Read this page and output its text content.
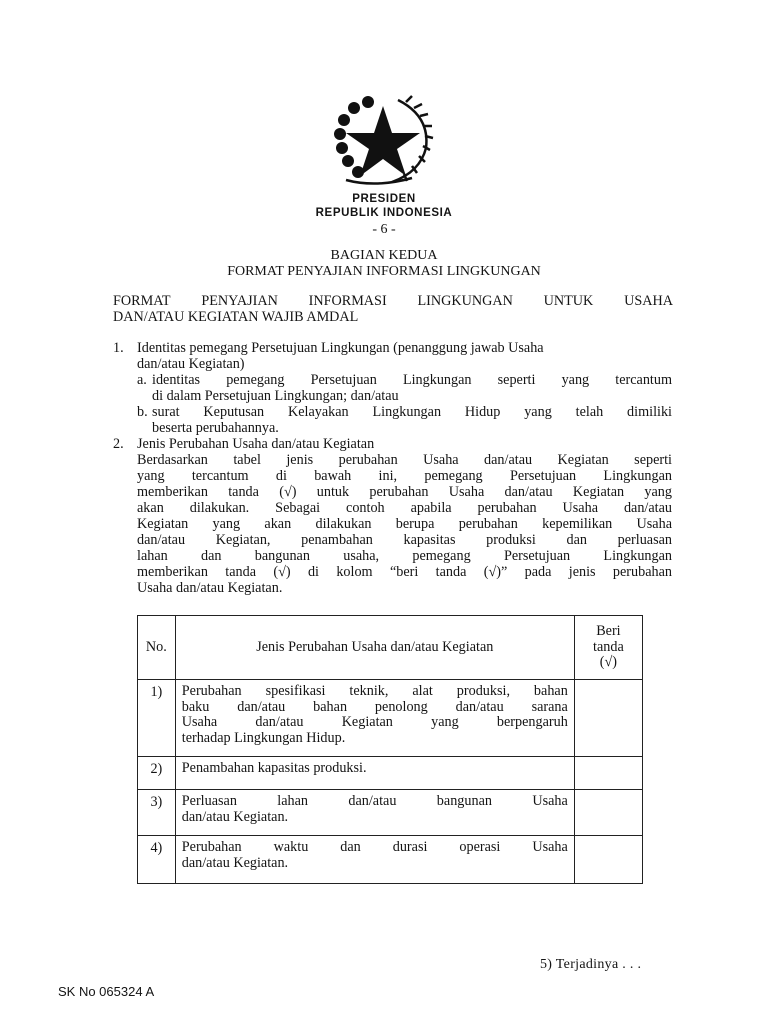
PRESIDEN
REPUBLIK INDONESIA
- 6 -
BAGIAN KEDUA
FORMAT PENYAJIAN INFORMASI LINGKUNGAN
FORMAT PENYAJIAN INFORMASI LINGKUNGAN UNTUK USAHA
DAN/ATAU KEGIATAN WAJIB AMDAL
1. Identitas pemegang Persetujuan Lingkungan (penanggung jawab Usaha
dan/atau Kegiatan)
a. identitas pemegang Persetujuan Lingkungan seperti yang tercantum
di dalam Persetujuan Lingkungan; dan/atau
b. surat Keputusan Kelayakan Lingkungan Hidup yang telah dimiliki
beserta perubahannya.
2. Jenis Perubahan Usaha dan/atau Kegiatan
Berdasarkan tabel jenis perubahan Usaha dan/atau Kegiatan seperti
yang tercantum di bawah ini, pemegang Persetujuan Lingkungan
memberikan tanda (√) untuk perubahan Usaha dan/atau Kegiatan yang
akan dilakukan. Sebagai contoh apabila perubahan Usaha dan/atau
Kegiatan yang akan dilakukan berupa perubahan kepemilikan Usaha
dan/atau Kegiatan, penambahan kapasitas produksi dan perluasan
lahan dan bangunan usaha, pemegang Persetujuan Lingkungan
memberikan tanda (√) di kolom “beri tanda (√)” pada jenis perubahan
Usaha dan/atau Kegiatan.
No.	Jenis Perubahan Usaha dan/atau Kegiatan	Beri
tanda
(√)

1)	Perubahan spesifikasi teknik, alat produksi, bahan
baku dan/atau bahan penolong dan/atau sarana
Usaha dan/atau Kegiatan yang berpengaruh
terhadap Lingkungan Hidup.	

2)	Penambahan kapasitas produksi.	

3)	Perluasan lahan dan/atau bangunan Usaha
dan/atau Kegiatan.	

4)	Perubahan waktu dan durasi operasi Usaha
dan/atau Kegiatan.	

5) Terjadinya . . .
SK No 065324 A
